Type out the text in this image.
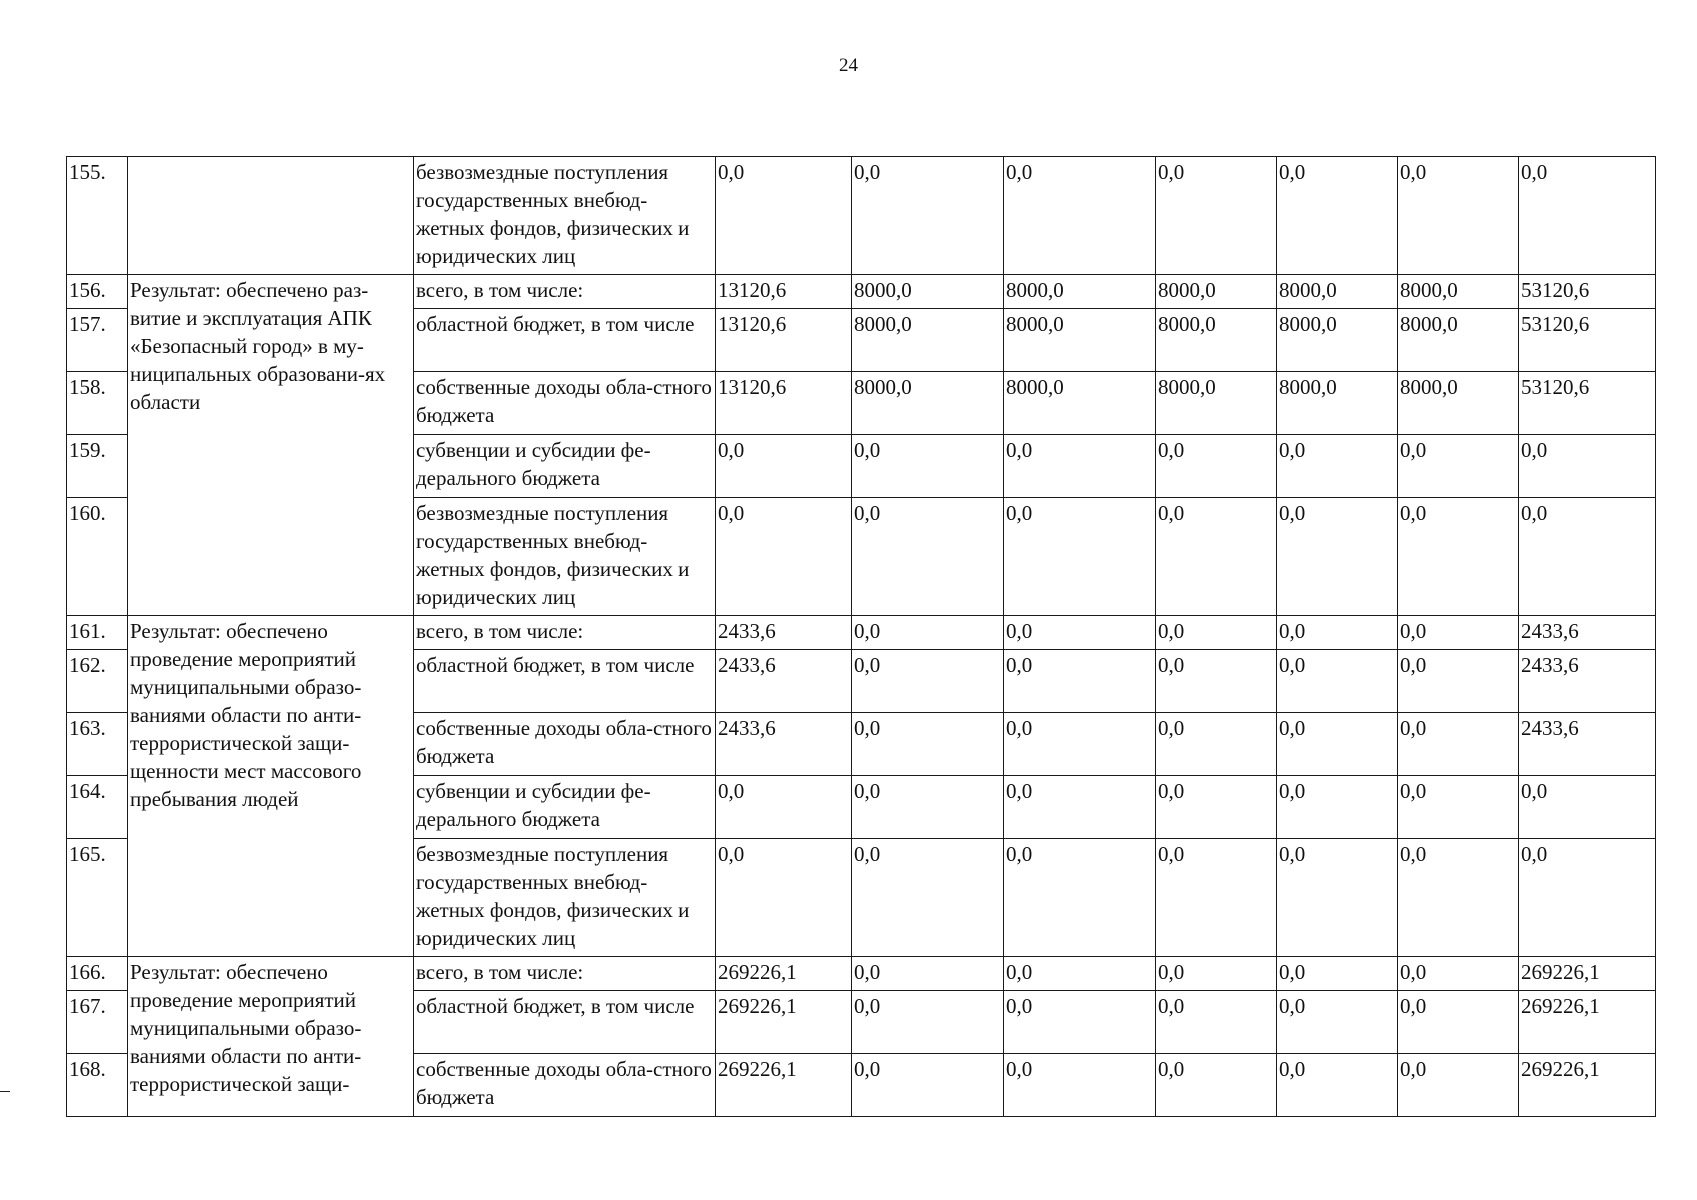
24
155.		безвозмездные поступления государственных внебюд-жетных фондов, физических и юридических лиц	0,0	0,0	0,0	0,0	0,0	0,0	0,0
156.	Результат: обеспечено раз-витие и эксплуатация АПК «Безопасный город» в му-ниципальных образовани-ях области	всего, в том числе:	13120,6	8000,0	8000,0	8000,0	8000,0	8000,0	53120,6
157.		областной бюджет, в том числе	13120,6	8000,0	8000,0	8000,0	8000,0	8000,0	53120,6
158.		собственные доходы обла-стного бюджета	13120,6	8000,0	8000,0	8000,0	8000,0	8000,0	53120,6
159.		субвенции и субсидии фе-дерального бюджета	0,0	0,0	0,0	0,0	0,0	0,0	0,0
160.		безвозмездные поступления государственных внебюд-жетных фондов, физических и юридических лиц	0,0	0,0	0,0	0,0	0,0	0,0	0,0
161.	Результат: обеспечено проведение мероприятий муниципальными образо-ваниями области по анти-террористической защи-щенности мест массового пребывания людей	всего, в том числе:	2433,6	0,0	0,0	0,0	0,0	0,0	2433,6
162.		областной бюджет, в том числе	2433,6	0,0	0,0	0,0	0,0	0,0	2433,6
163.		собственные доходы обла-стного бюджета	2433,6	0,0	0,0	0,0	0,0	0,0	2433,6
164.		субвенции и субсидии фе-дерального бюджета	0,0	0,0	0,0	0,0	0,0	0,0	0,0
165.		безвозмездные поступления государственных внебюд-жетных фондов, физических и юридических лиц	0,0	0,0	0,0	0,0	0,0	0,0	0,0
166.	Результат: обеспечено проведение мероприятий муниципальными образо-ваниями области по анти-террористической защи-	всего, в том числе:	269226,1	0,0	0,0	0,0	0,0	0,0	269226,1
167.		областной бюджет, в том числе	269226,1	0,0	0,0	0,0	0,0	0,0	269226,1
168.		собственные доходы обла-стного бюджета	269226,1	0,0	0,0	0,0	0,0	0,0	269226,1
